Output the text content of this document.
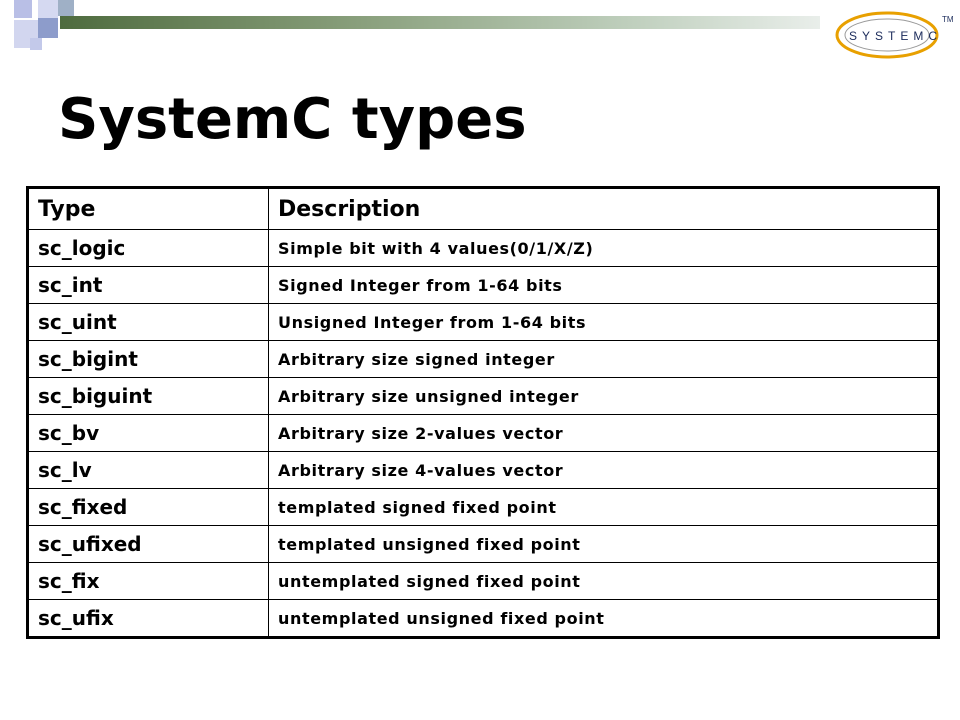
SYSTEMC
TM
SystemC types
Type	Description
sc_logic	Simple bit with 4 values(0/1/X/Z)
sc_int	Signed Integer from 1-64 bits
sc_uint	Unsigned Integer from 1-64 bits
sc_bigint	Arbitrary size signed integer
sc_biguint	Arbitrary size unsigned integer
sc_bv	Arbitrary size 2-values vector
sc_lv	Arbitrary size 4-values vector
sc_fixed	templated signed fixed point
sc_ufixed	templated unsigned fixed point
sc_fix	untemplated signed fixed point
sc_ufix	untemplated unsigned fixed point
